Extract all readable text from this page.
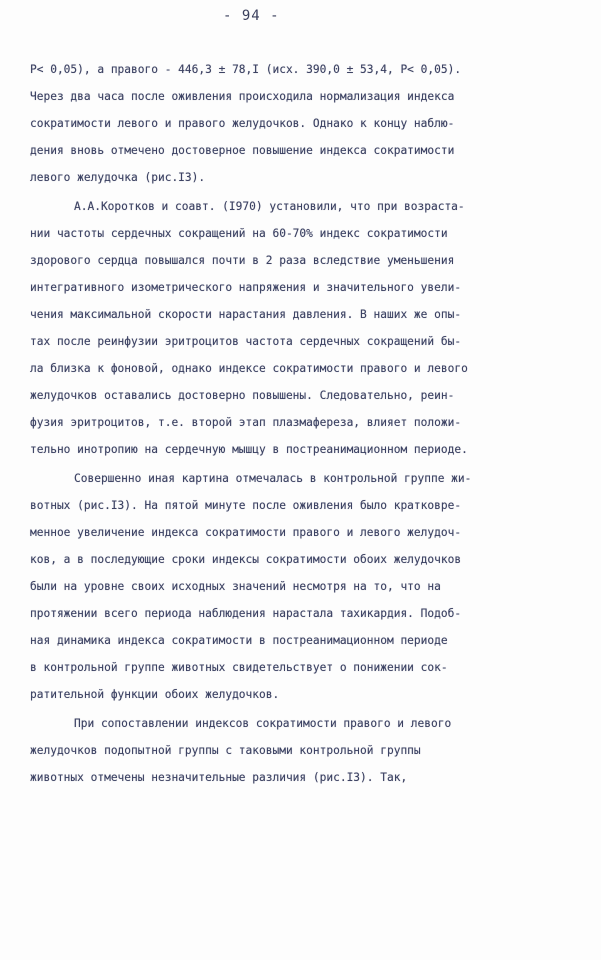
- 94 -
P< 0,05), а правого - 446,3 ± 78,I (исх. 390,0 ± 53,4, P< 0,05).
Через два часа после оживления происходила нормализация индекса
сократимости левого и правого желудочков. Однако к концу наблю-
дения вновь отмечено достоверное повышение индекса сократимости
левого желудочка (рис.I3).
А.А.Коротков и соавт. (I970) установили, что при возраста-
нии частоты сердечных сокращений на 60-70% индекс сократимости
здорового сердца повышался почти в 2 раза вследствие уменьшения
интегративного изометрического напряжения и значительного увели-
чения максимальной скорости нарастания давления. В наших же опы-
тах после реинфузии эритроцитов частота сердечных сокращений бы-
ла близка к фоновой, однако индексе сократимости правого и левого
желудочков оставались достоверно повышены. Следовательно, реин-
фузия эритроцитов, т.е. второй этап плазмафереза, влияет положи-
тельно инотропию на сердечную мышцу в постреанимационном периоде.
Совершенно иная картина отмечалась в контрольной группе жи-
вотных (рис.I3). На пятой минуте после оживления было кратковре-
менное увеличение индекса сократимости правого и левого желудоч-
ков, а в последующие сроки индексы сократимости обоих желудочков
были на уровне своих исходных значений несмотря на то, что на
протяжении всего периода наблюдения нарастала тахикардия. Подоб-
ная динамика индекса сократимости в постреанимационном периоде
в контрольной группе животных свидетельствует о понижении сок-
ратительной функции обоих желудочков.
При сопоставлении индексов сократимости правого и левого
желудочков подопытной группы с таковыми контрольной группы
животных отмечены незначительные различия (рис.I3). Так,
